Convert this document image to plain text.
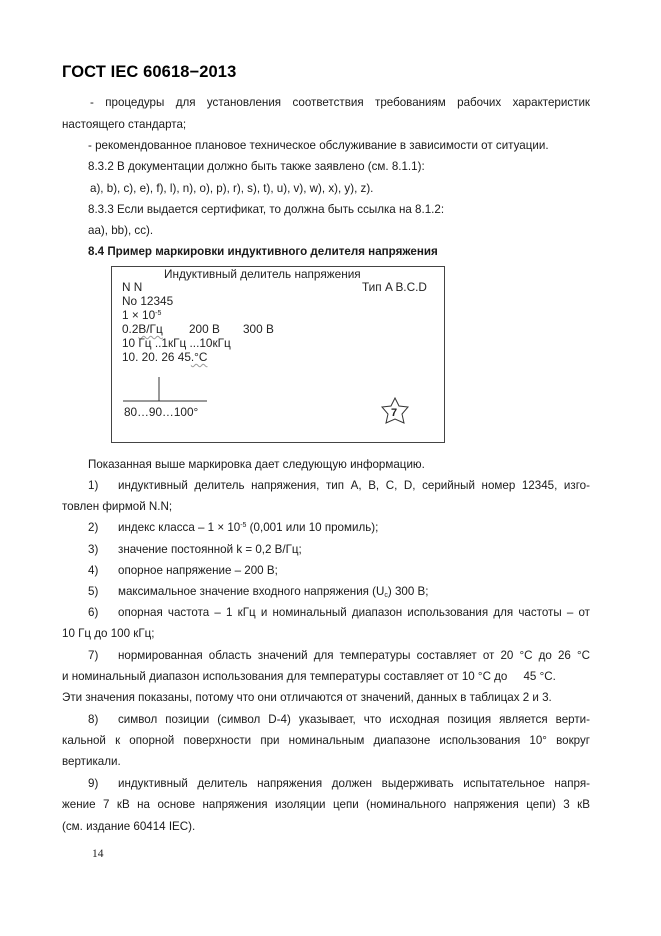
ГОСТ IEC 60618−2013
- процедуры для установления соответствия требованиям рабочих характеристик
настоящего стандарта;
- рекомендованное плановое техническое обслуживание в зависимости от ситуации.
8.3.2 В документации должно быть также заявлено (см. 8.1.1):
a), b), c), e), f), l), n), o), p), r), s), t), u), v), w), x), y), z).
8.3.3 Если выдается сертификат, то должна быть ссылка на 8.1.2:
aa), bb), cc).
8.4 Пример маркировки индуктивного делителя напряжения
Индуктивный делитель напряжения
N N	Тип A B.C.D
No 12345
$1 \times 10^{-5}$
0.2В/Гц 200 В 300 В
10 Гц ..1кГц ...10кГц
10. 20. 26 45.°С
80…90…100°	7
Показанная выше маркировка дает следующую информацию.
1) индуктивный делитель напряжения, тип A, B, C, D, серийный номер 12345, изго-
товлен фирмой N.N;
2) индекс класса – $1 \times 10^{-5}$ (0,001 или 10 промиль);
3) значение постоянной k = 0,2 В/Гц;
4) опорное напряжение – 200 В;
5) максимальное значение входного напряжения $(U_c)$ 300 В;
6) опорная частота – 1 кГц и номинальный диапазон использования для частоты – от
10 Гц до 100 кГц;
7) нормированная область значений для температуры составляет от 20 °C до 26 °C
и номинальный диапазон использования для температуры составляет от 10 °C до     45 °C.
Эти значения показаны, потому что они отличаются от значений, данных в таблицах 2 и 3.
8) символ позиции (символ D-4) указывает, что исходная позиция является верти-
кальной к опорной поверхности при номинальным диапазоне использования 10° вокруг
вертикали.
9) индуктивный делитель напряжения должен выдерживать испытательное напря-
жение 7 кВ на основе напряжения изоляции цепи (номинального напряжения цепи) 3 кВ
(см. издание 60414 IEC).
14
